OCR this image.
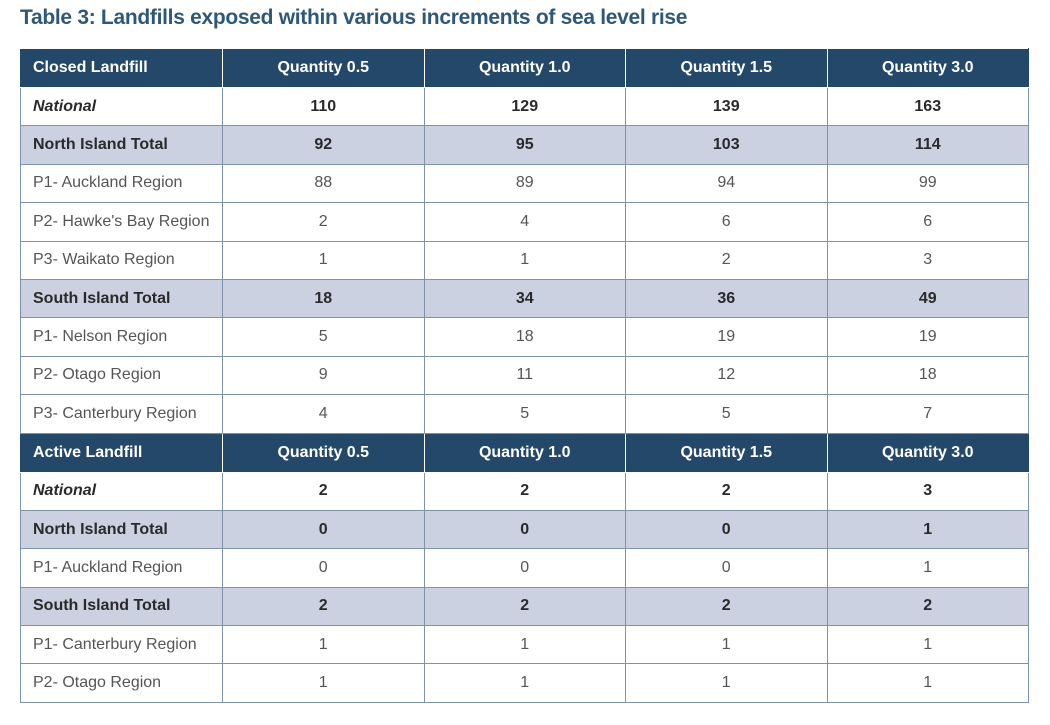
Table 3: Landfills exposed within various increments of sea level rise
Closed Landfill	Quantity 0.5	Quantity 1.0	Quantity 1.5	Quantity 3.0
National	110	129	139	163
North Island Total	92	95	103	114
P1- Auckland Region	88	89	94	99
P2- Hawke's Bay Region	2	4	6	6
P3- Waikato Region	1	1	2	3
South Island Total	18	34	36	49
P1- Nelson Region	5	18	19	19
P2- Otago Region	9	11	12	18
P3- Canterbury Region	4	5	5	7
Active Landfill	Quantity 0.5	Quantity 1.0	Quantity 1.5	Quantity 3.0
National	2	2	2	3
North Island Total	0	0	0	1
P1- Auckland Region	0	0	0	1
South Island Total	2	2	2	2
P1- Canterbury Region	1	1	1	1
P2- Otago Region	1	1	1	1
